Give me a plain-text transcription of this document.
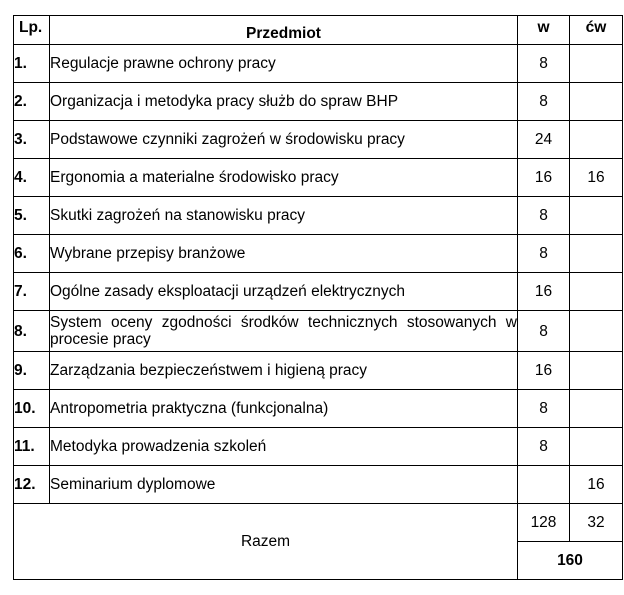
Lp.	Przedmiot	w	ćw
1.	Regulacje prawne ochrony pracy	8	
2.	Organizacja i metodyka pracy służb do spraw BHP	8	
3.	Podstawowe czynniki zagrożeń w środowisku pracy	24	
4.	Ergonomia a materialne środowisko pracy	16	16
5.	Skutki zagrożeń na stanowisku pracy	8	
6.	Wybrane przepisy branżowe	8	
7.	Ogólne zasady eksploatacji urządzeń elektrycznych	16	
8.	System oceny zgodności środków technicznych stosowanych w procesie pracy	8	
9.	Zarządzania bezpieczeństwem i higieną pracy	16	
10.	Antropometria praktyczna (funkcjonalna)	8	
11.	Metodyka prowadzenia szkoleń	8	
12.	Seminarium dyplomowe		16
Razem		128	32
		160	
